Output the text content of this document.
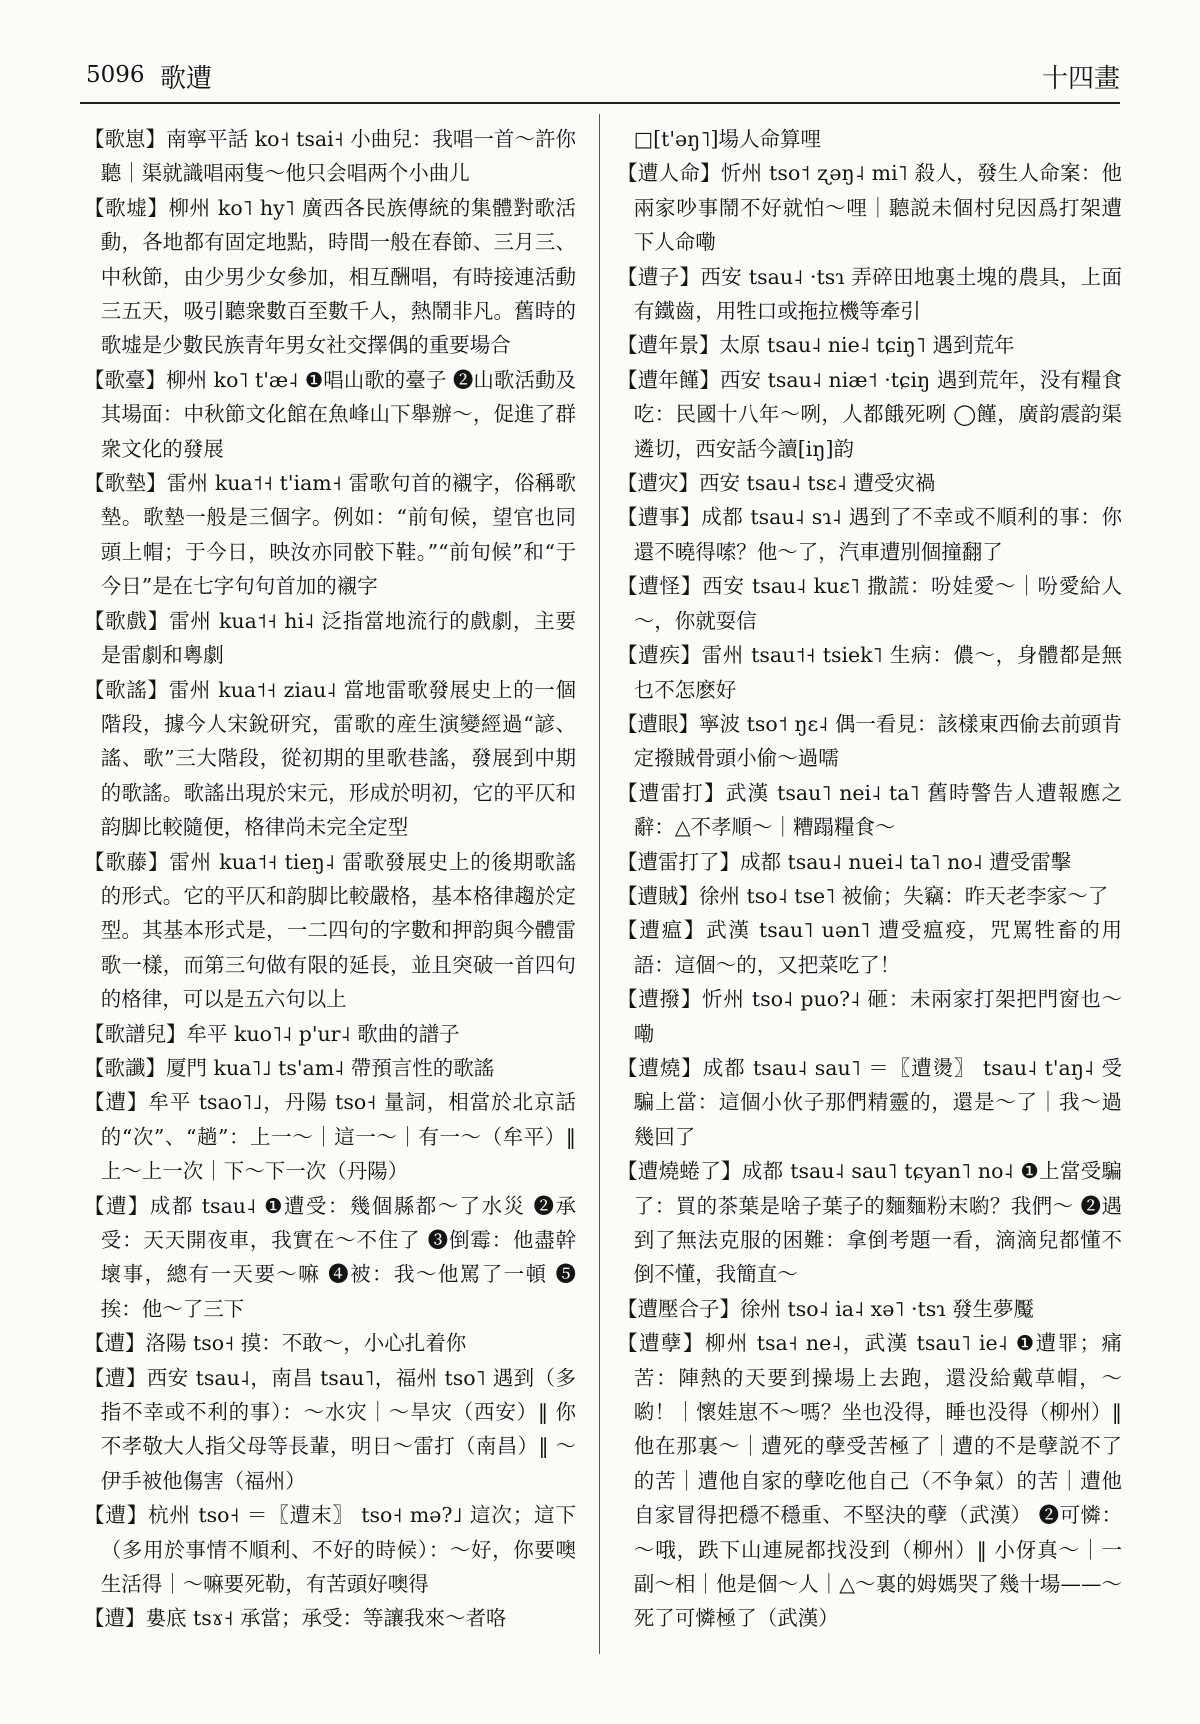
5096 歌遭	十四畫

【歌崽】南寧平話 ko˧ tsai˧ 小曲兒：我唱一首～許你聽｜渠就識唱兩隻～他只会唱两个小曲儿

【歌墟】柳州 ko˥ hy˥ 廣西各民族傳統的集體對歌活動，各地都有固定地點，時間一般在春節、三月三、中秋節，由少男少女參加，相互酬唱，有時接連活動三五天，吸引聽衆數百至數千人，熱鬧非凡。舊時的歌墟是少數民族青年男女社交擇偶的重要場合

【歌臺】柳州 ko˥ t'æ˨ ❶唱山歌的臺子 ❷山歌活動及其場面：中秋節文化館在魚峰山下舉辦～，促進了群衆文化的發展

【歌墊】雷州 kua˦˧ t'iam˧ 雷歌句首的襯字，俗稱歌墊。歌墊一般是三個字。例如：“前旬候，望官也同頭上帽；于今日，映汝亦同骹下鞋。”“前旬候”和“于今日”是在七字句句首加的襯字

【歌戲】雷州 kua˦˧ hi˨ 泛指當地流行的戲劇，主要是雷劇和粵劇

【歌謠】雷州 kua˦˧ ziau˨ 當地雷歌發展史上的一個階段，據今人宋銳研究，雷歌的産生演變經過“諺、謠、歌”三大階段，從初期的里歌巷謠，發展到中期的歌謠。歌謠出現於宋元，形成於明初，它的平仄和韵脚比較隨便，格律尚未完全定型

【歌藤】雷州 kua˦˧ tieŋ˨ 雷歌發展史上的後期歌謠的形式。它的平仄和韵脚比較嚴格，基本格律趨於定型。其基本形式是，一二四句的字數和押韵與今體雷歌一樣，而第三句做有限的延長，並且突破一首四句的格律，可以是五六句以上

【歌譜兒】牟平 kuo˥˨ p'ur˨ 歌曲的譜子

【歌讖】厦門 kua˥˩ ts'am˨ 帶預言性的歌謠

【遭】牟平 tsao˥˩，丹陽 tso˧ 量詞，相當於北京話的“次”、“趟”：上一～｜這一～｜有一～（牟平）‖ 上～上一次｜下～下一次（丹陽）

【遭】成都 tsau˨ ❶遭受：幾個縣都～了水災 ❷承受：天天開夜車，我實在～不住了 ❸倒霉：他盡幹壞事，總有一天要～嘛 ❹被：我～他罵了一頓 ❺挨：他～了三下

【遭】洛陽 tso˧ 摸：不敢～，小心扎着你

【遭】西安 tsau˨，南昌 tsau˥，福州 tso˥ 遇到（多指不幸或不利的事）：～水灾｜～旱灾（西安）‖ 你不孝敬大人指父母等長輩，明日～雷打（南昌）‖ ～伊手被他傷害（福州）

【遭】杭州 tso˧ ＝〖遭末〗 tso˧ mə?˩ 這次；這下（多用於事情不順利、不好的時候）：～好，你要噢生活得｜～嘛要死勒，有苦頭好噢得

【遭】婁底 tsɤ˧ 承當；承受：等讓我來～者咯

□[t'əŋ˥]場人命算哩

【遭人命】忻州 tso˦ ʐəŋ˨ mi˥ 殺人，發生人命案：他兩家吵事鬧不好就怕～哩｜聽説未個村兒因爲打架遭下人命嘞

【遭子】西安 tsau˨ ·tsɿ 弄碎田地裏土塊的農具，上面有鐵齒，用牲口或拖拉機等牽引

【遭年景】太原 tsau˨ nie˨ tɕiŋ˥ 遇到荒年

【遭年饉】西安 tsau˨ niæ˦ ·tɕiŋ 遇到荒年，没有糧食吃：民國十八年～咧，人都餓死咧 ◯饉，廣韵震韵渠遴切，西安話今讀[iŋ]韵

【遭灾】西安 tsau˨ tsɛ˨ 遭受灾禍

【遭事】成都 tsau˨ sɿ˨ 遇到了不幸或不順利的事：你還不曉得嗦？他～了，汽車遭別個撞翻了

【遭怪】西安 tsau˨ kuɛ˥ 撒謊：吩娃愛～｜吩愛給人～，你就耍信

【遭疾】雷州 tsau˦˧ tsiek˥ 生病：儂～，身體都是無乜不怎麽好

【遭眼】寧波 tso˦ ŋɛ˨ 偶一看見：該樣東西偷去前頭肯定撥賊骨頭小偷～過嚅

【遭雷打】武漢 tsau˥ nei˨ ta˥ 舊時警告人遭報應之辭：△不孝順～｜糟蹋糧食～

【遭雷打了】成都 tsau˨ nuei˨ ta˥ no˨ 遭受雷擊

【遭賊】徐州 tso˨ tse˥ 被偷；失竊：昨天老李家～了

【遭瘟】武漢 tsau˥ uən˥ 遭受瘟疫，咒罵牲畜的用語：這個～的，又把菜吃了！

【遭撥】忻州 tso˨ puo?˨ 砸：未兩家打架把門窗也～嘞

【遭燒】成都 tsau˨ sau˥ ＝〖遭燙〗 tsau˨ t'aŋ˨ 受騙上當：這個小伙子那們精靈的，還是～了｜我～過幾回了

【遭燒蜷了】成都 tsau˨ sau˥ tɕyan˥ no˨ ❶上當受騙了：買的茶葉是啥子葉子的麵麵粉末喲？我們～ ❷遇到了無法克服的困難：拿倒考題一看，滴滴兒都懂不倒不懂，我簡直～

【遭壓合子】徐州 tso˨ ia˨ xə˥ ·tsɿ 發生夢魘

【遭孽】柳州 tsa˧ ne˨，武漢 tsau˥ ie˨ ❶遭罪；痛苦：陣熱的天要到操場上去跑，還没給戴草帽，～喲！｜懷娃崽不～嗎？坐也没得，睡也没得（柳州）‖ 他在那裏～｜遭死的孽受苦極了｜遭的不是孽説不了的苦｜遭他自家的孽吃他自己（不争氣）的苦｜遭他自家冒得把穩不穩重、不堅決的孽（武漢） ❷可憐：～哦，跌下山連屍都找没到（柳州）‖ 小伢真～｜一副～相｜他是個～人｜△～裏的姆媽哭了幾十場——～死了可憐極了（武漢）
